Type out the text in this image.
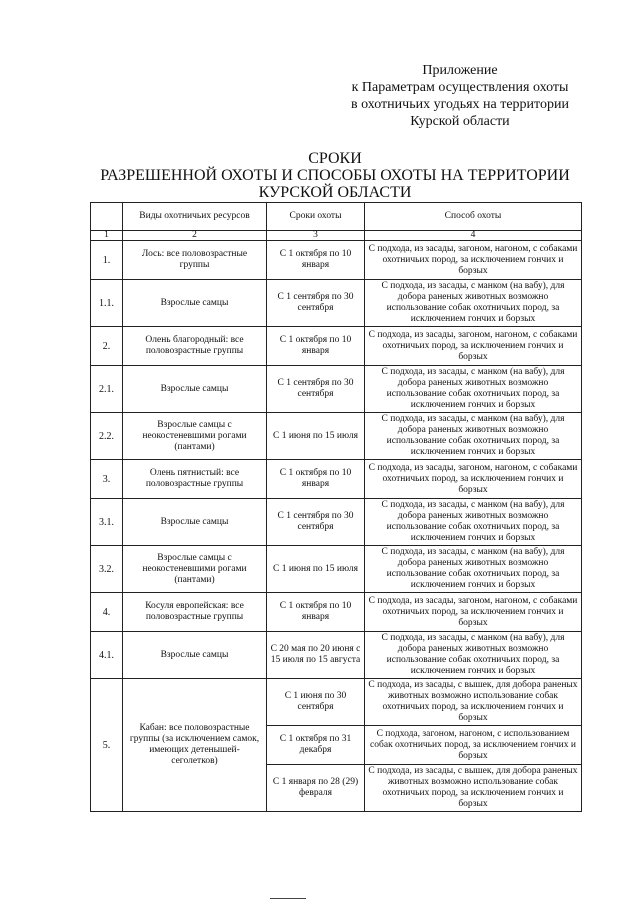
Приложение
к Параметрам осуществления охоты
в охотничьих угодьях на территории
Курской области
СРОКИ
РАЗРЕШЕННОЙ ОХОТЫ И СПОСОБЫ ОХОТЫ НА ТЕРРИТОРИИ
КУРСКОЙ ОБЛАСТИ
	Виды охотничьих ресурсов	Сроки охоты	Способ охоты
1	2	3	4
1.	Лось: все половозрастные группы	С 1 октября по 10 января	С подхода, из засады, загоном, нагоном, с собаками охотничьих пород, за исключением гончих и борзых
1.1.	Взрослые самцы	С 1 сентября по 30 сентября	С подхода, из засады, с манком (на вабу), для добора раненых животных возможно использование собак охотничьих пород, за исключением гончих и борзых
2.	Олень благородный: все половозрастные группы	С 1 октября по 10 января	С подхода, из засады, загоном, нагоном, с собаками охотничьих пород, за исключением гончих и борзых
2.1.	Взрослые самцы	С 1 сентября по 30 сентября	С подхода, из засады, с манком (на вабу), для добора раненых животных возможно использование собак охотничьих пород, за исключением гончих и борзых
2.2.	Взрослые самцы с неокостеневшими рогами (пантами)	С 1 июня по 15 июля	С подхода, из засады, с манком (на вабу), для добора раненых животных возможно использование собак охотничьих пород, за исключением гончих и борзых
3.	Олень пятнистый: все половозрастные группы	С 1 октября по 10 января	С подхода, из засады, загоном, нагоном, с собаками охотничьих пород, за исключением гончих и борзых
3.1.	Взрослые самцы	С 1 сентября по 30 сентября	С подхода, из засады, с манком (на вабу), для добора раненых животных возможно использование собак охотничьих пород, за исключением гончих и борзых
3.2.	Взрослые самцы с неокостеневшими рогами (пантами)	С 1 июня по 15 июля	С подхода, из засады, с манком (на вабу), для добора раненых животных возможно использование собак охотничьих пород, за исключением гончих и борзых
4.	Косуля европейская: все половозрастные группы	С 1 октября по 10 января	С подхода, из засады, загоном, нагоном, с собаками охотничьих пород, за исключением гончих и борзых
4.1.	Взрослые самцы	С 20 мая по 20 июня с 15 июля по 15 августа	С подхода, из засады, с манком (на вабу), для добора раненых животных возможно использование собак охотничьих пород, за исключением гончих и борзых
5.	Кабан: все половозрастные группы (за исключением самок, имеющих детенышей-сеголетков)	С 1 июня по 30 сентября	С подхода, из засады, с вышек, для добора раненых животных возможно использование собак охотничьих пород, за исключением гончих и борзых
		С 1 октября по 31 декабря	С подхода, загоном, нагоном, с использованием собак охотничьих пород, за исключением гончих и борзых
		С 1 января по 28 (29) февраля	С подхода, из засады, с вышек, для добора раненых животных возможно использование собак охотничьих пород, за исключением гончих и борзых
